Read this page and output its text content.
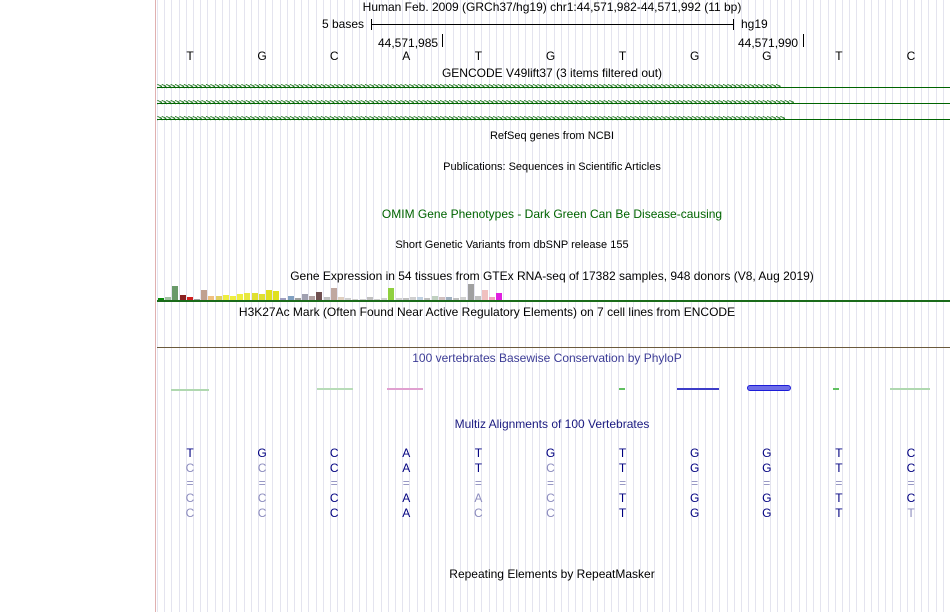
Human Feb. 2009 (GRCh37/hg19) chr1:44,571,982-44,571,992 (11 bp)
5 bases	hg19
44,571,985	44,571,990
T	G	C	A	T	G	T	G	G	T	C
GENCODE V49lift37 (3 items filtered out)
>>>>>>>>>>>>>>>>>>>>>>>>>>>>>>>>>>>>>>>>>>>>>>>>>>>>>>>>>>>>>>>>>>>>>>>>>>>>>>>>>>>>>>>>>>>>>>>>>>>>>>>>>>>>>>>>>>>>>>>>>>>>>>>>>>>>>>>>>>>>>
>>>>>>>>>>>>>>>>>>>>>>>>>>>>>>>>>>>>>>>>>>>>>>>>>>>>>>>>>>>>>>>>>>>>>>>>>>>>>>>>>>>>>>>>>>>>>>>>>>>>>>>>>>>>>>>>>>>>>>>>>>>>>>>>>>>>>>>>>>>>>>>>
>>>>>>>>>>>>>>>>>>>>>>>>>>>>>>>>>>>>>>>>>>>>>>>>>>>>>>>>>>>>>>>>>>>>>>>>>>>>>>>>>>>>>>>>>>>>>>>>>>>>>>>>>>>>>>>>>>>>>>>>>>>>>>>>>>>>>>>>>>>>>>
RefSeq genes from NCBI
Publications: Sequences in Scientific Articles
OMIM Gene Phenotypes - Dark Green Can Be Disease-causing
Short Genetic Variants from dbSNP release 155
Gene Expression in 54 tissues from GTEx RNA-seq of 17382 samples, 948 donors (V8, Aug 2019)
H3K27Ac Mark (Often Found Near Active Regulatory Elements) on 7 cell lines from ENCODE
100 vertebrates Basewise Conservation by PhyloP
Multiz Alignments of 100 Vertebrates
T	G	C	A	T	G	T	G	G	T	C
C	C	C	A	T	C	T	G	G	T	C
=	=	=	=	=	=	=	=	=	=	=
C	C	C	A	A	C	T	G	G	T	C
C	C	C	A	C	C	T	G	G	T	T
Repeating Elements by RepeatMasker
